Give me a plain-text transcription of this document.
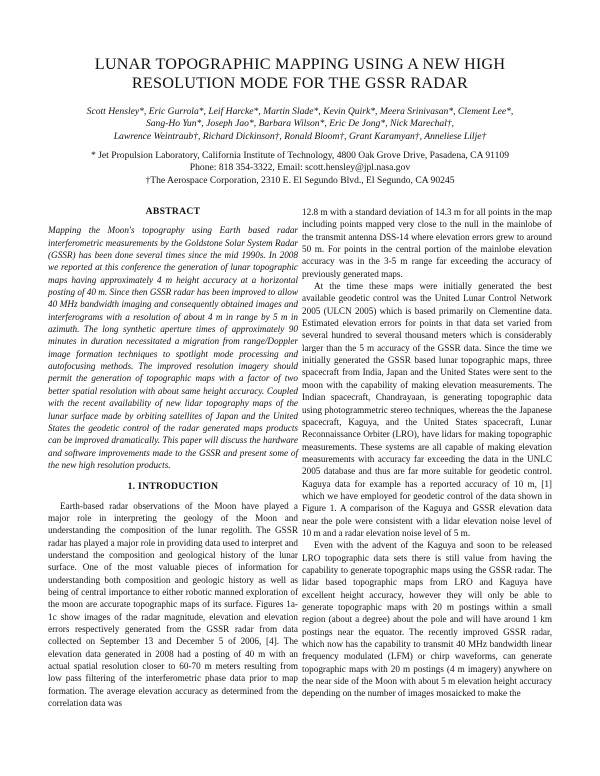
LUNAR TOPOGRAPHIC MAPPING USING A NEW HIGH
RESOLUTION MODE FOR THE GSSR RADAR
Scott Hensley*, Eric Gurrola*, Leif Harcke*, Martin Slade*, Kevin Quirk*, Meera Srinivasan*, Clement Lee*,
Sang-Ho Yun*, Joseph Jao*, Barbara Wilson*, Eric De Jong*, Nick Marechal†,
Lawrence Weintraub†, Richard Dickinson†, Ronald Bloom†, Grant Karamyan†, Anneliese Lilje†
* Jet Propulsion Laboratory, California Institute of Technology, 4800 Oak Grove Drive, Pasadena, CA 91109
Phone: 818 354-3322, Email: scott.hensley@jpl.nasa.gov
†The Aerospace Corporation, 2310 E. El Segundo Blvd., El Segundo, CA 90245
ABSTRACT

Mapping the Moon's topography using Earth based radar interferometric measurements by the Goldstone Solar System Radar (GSSR) has been done several times since the mid 1990s. In 2008 we reported at this conference the generation of lunar topographic maps having approximately 4 m height accuracy at a horizontal posting of 40 m. Since then GSSR radar has been improved to allow 40 MHz bandwidth imaging and consequently obtained images and interferograms with a resolution of about 4 m in range by 5 m in azimuth. The long synthetic aperture times of approximately 90 minutes in duration necessitated a migration from range/Doppler image formation techniques to spotlight mode processing and autofocusing methods. The improved resolution imagery should permit the generation of topographic maps with a factor of two better spatial resolution with about same height accuracy. Coupled with the recent availability of new lidar topography maps of the lunar surface made by orbiting satellites of Japan and the United States the geodetic control of the radar generated maps products can be improved dramatically. This paper will discuss the hardware and software improvements made to the GSSR and present some of the new high resolution products.

1. INTRODUCTION

Earth-based radar observations of the Moon have played a major role in interpreting the geology of the Moon and understanding the composition of the lunar regolith. The GSSR radar has played a major role in providing data used to interpret and understand the composition and geological history of the lunar surface. One of the most valuable pieces of information for understanding both composition and geologic history as well as being of central importance to either robotic manned exploration of the moon are accurate topographic maps of its surface. Figures 1a-1c show images of the radar magnitude, elevation and elevation errors respectively generated from the GSSR radar from data collected on September 13 and December 5 of 2006, [4]. The elevation data generated in 2008 had a posting of 40 m with an actual spatial resolution closer to 60-70 m meters resulting from low pass filtering of the interferometric phase data prior to map formation. The average elevation accuracy as determined from the correlation data was

12.8 m with a standard deviation of 14.3 m for all points in the map including points mapped very close to the null in the mainlobe of the transmit antenna DSS-14 where elevation errors grew to around 50 m. For points in the central portion of the mainlobe elevation accuracy was in the 3-5 m range far exceeding the accuracy of previously generated maps.

At the time these maps were initially generated the best available geodetic control was the United Lunar Control Network 2005 (ULCN 2005) which is based primarily on Clementine data. Estimated elevation errors for points in that data set varied from several hundred to several thousand meters which is considerably larger than the 5 m accuracy of the GSSR data. Since the time we initially generated the GSSR based lunar topographic maps, three spacecraft from India, Japan and the United States were sent to the moon with the capability of making elevation measurements. The Indian spacecraft, Chandrayaan, is generating topographic data using photogrammetric stereo techniques, whereas the the Japanese spacecraft, Kaguya, and the United States spacecraft, Lunar Reconnaissance Orbiter (LRO), have lidars for making topographic measurements. These systems are all capable of making elevation measurements with accuracy far exceeding the data in the UNLC 2005 database and thus are far more suitable for geodetic control. Kaguya data for example has a reported accuracy of 10 m, [1] which we have employed for geodetic control of the data shown in Figure 1. A comparison of the Kaguya and GSSR elevation data near the pole were consistent with a lidar elevation noise level of 10 m and a radar elevation noise level of 5 m.

Even with the advent of the Kaguya and soon to be released LRO topographic data sets there is still value from having the capability to generate topographic maps using the GSSR radar. The lidar based topographic maps from LRO and Kaguya have excellent height accuracy, however they will only be able to generate topographic maps with 20 m postings within a small region (about a degree) about the pole and will have around 1 km postings near the equator. The recently improved GSSR radar, which now has the capability to transmit 40 MHz bandwidth linear frequency modulated (LFM) or chirp waveforms, can generate topographic maps with 20 m postings (4 m imagery) anywhere on the near side of the Moon with about 5 m elevation height accuracy depending on the number of images mosaicked to make the
